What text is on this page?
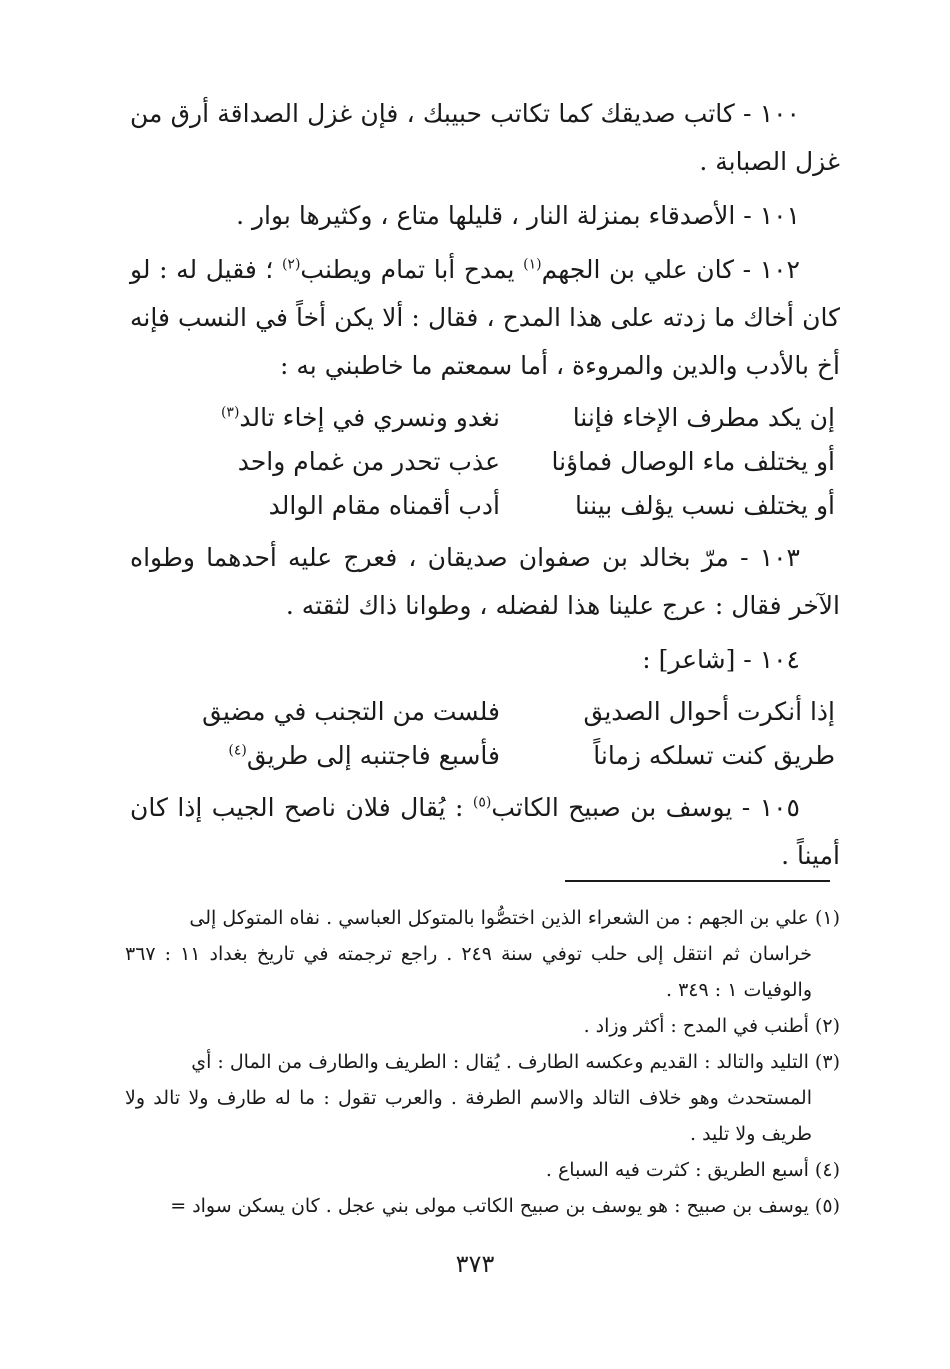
١٠٠ - كاتب صديقك كما تكاتب حبيبك ، فإن غزل الصداقة أرق من غزل الصبابة .

١٠١ - الأصدقاء بمنزلة النار ، قليلها متاع ، وكثيرها بوار .

١٠٢ - كان علي بن الجهم$^{(١)}$ يمدح أبا تمام ويطنب$^{(٢)}$ ؛ فقيل له : لو كان أخاك ما زدته على هذا المدح ، فقال : ألا يكن أخاً في النسب فإنه أخ بالأدب والدين والمروءة ، أما سمعتم ما خاطبني به :

إن يكد مطرف الإخاء فإننا
نغدو ونسري في إخاء تالد$^{(٣)}$
أو يختلف ماء الوصال فماؤنا
عذب تحدر من غمام واحد
أو يختلف نسب يؤلف بيننا
أدب أقمناه مقام الوالد

١٠٣ - مرّ بخالد بن صفوان صديقان ، فعرج عليه أحدهما وطواه الآخر فقال : عرج علينا هذا لفضله ، وطوانا ذاك لثقته .

١٠٤ - [شاعر] :

إذا أنكرت أحوال الصديق
فلست من التجنب في مضيق
طريق كنت تسلكه زماناً
فأسبع فاجتنبه إلى طريق$^{(٤)}$

١٠٥ - يوسف بن صبيح الكاتب$^{(٥)}$ : يُقال فلان ناصح الجيب إذا كان أميناً .

(١) علي بن الجهم : من الشعراء الذين اختصُّوا بالمتوكل العباسي . نفاه المتوكل إلى
خراسان ثم انتقل إلى حلب توفي سنة ٢٤٩ . راجع ترجمته في تاريخ بغداد ١١ : ٣٦٧ والوفيات ١ : ٣٤٩ .
(٢) أطنب في المدح : أكثر وزاد .
(٣) التليد والتالد : القديم وعكسه الطارف . يُقال : الطريف والطارف من المال : أي
المستحدث وهو خلاف التالد والاسم الطرفة . والعرب تقول : ما له طارف ولا تالد ولا طريف ولا تليد .
(٤) أسبع الطريق : كثرت فيه السباع .
(٥) يوسف بن صبيح : هو يوسف بن صبيح الكاتب مولى بني عجل . كان يسكن سواد =
٣٧٣
